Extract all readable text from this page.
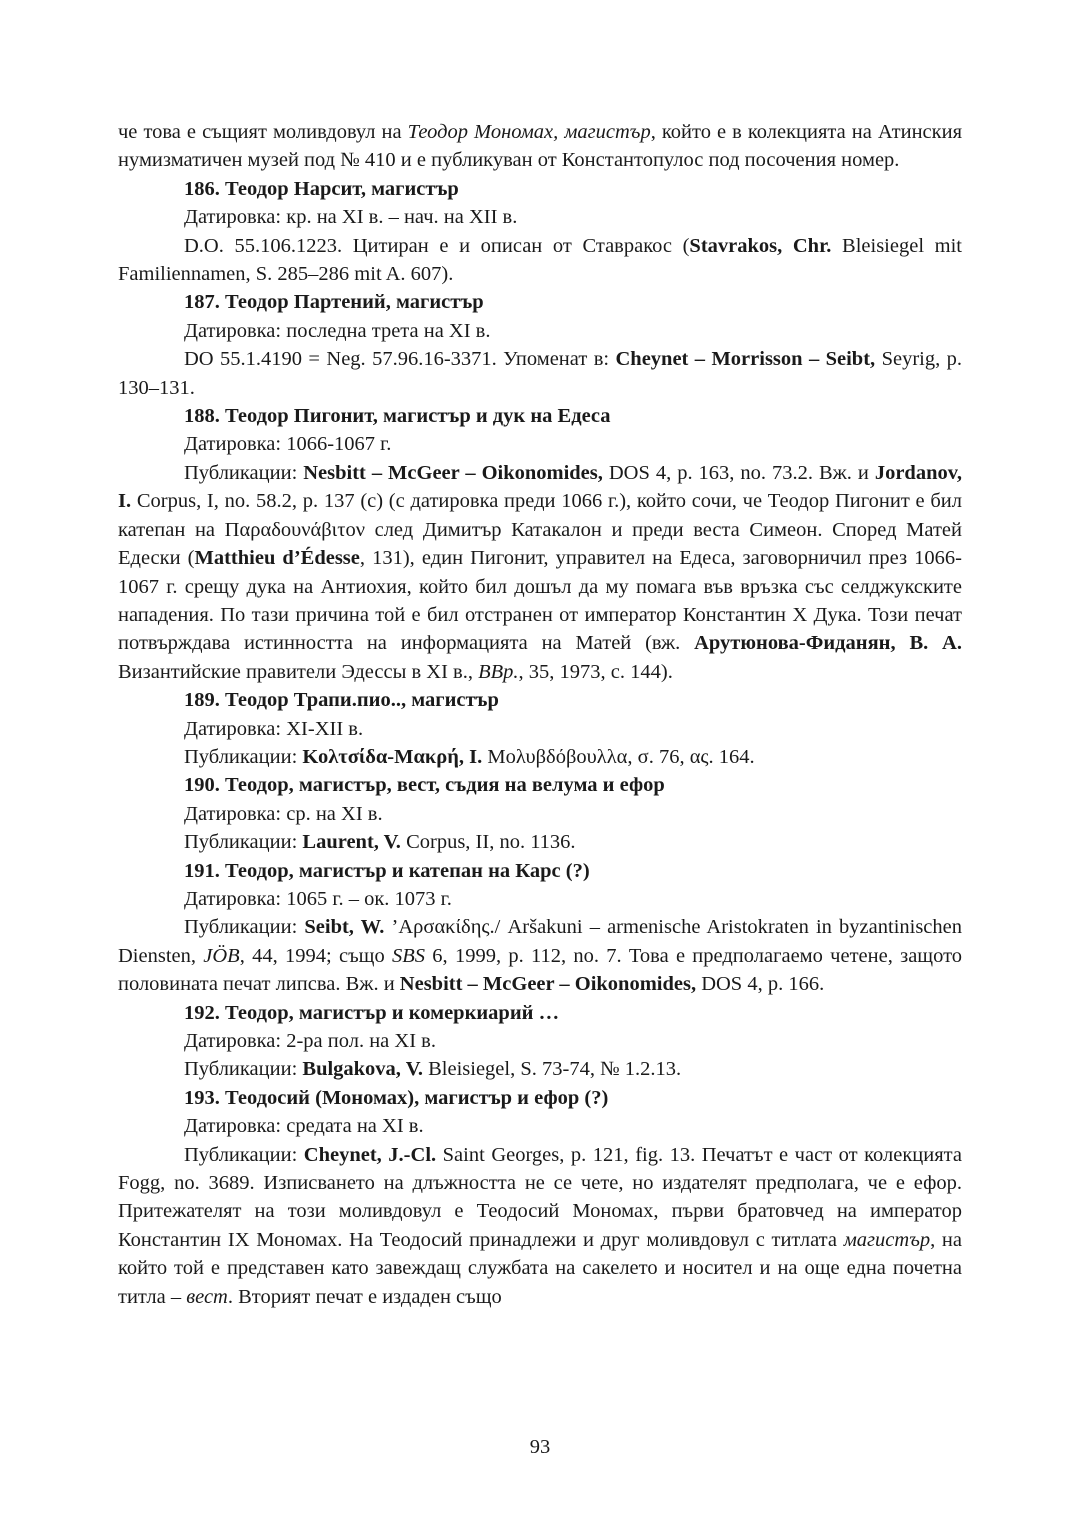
че това е същият моливдовул на Теодор Мономах, магистър, който е в колекцията на Атинския нумизматичен музей под № 410 и е публикуван от Константопулос под посочения номер.

186. Теодор Нарсит, магистър

Датировка: кр. на XI в. – нач. на XII в.

D.O. 55.106.1223. Цитиран е и описан от Ставракос (Stavrakos, Chr. Bleisiegel mit Familiennamen, S. 285–286 mit A. 607).

187. Теодор Партений, магистър

Датировка: последна трета на XI в.

DO 55.1.4190 = Neg. 57.96.16-3371. Упоменат в: Cheynet – Morrisson – Seibt, Seyrig, p. 130–131.

188. Теодор Пигонит, магистър и дук на Едеса

Датировка: 1066-1067 г.

Публикации: Nesbitt – McGeer – Oikonomides, DOS 4, p. 163, no. 73.2. Вж. и Jordanov, I. Corpus, I, no. 58.2, p. 137 (c) (с датировка преди 1066 г.), който сочи, че Теодор Пигонит е бил катепан на Παραδουνάβιτον след Димитър Катакалон и преди веста Симеон. Според Матей Едески (Matthieu d’Édesse, 131), един Пигонит, управител на Едеса, заговорничил през 1066-1067 г. срещу дука на Антиохия, който бил дошъл да му помага във връзка със селджукските нападения. По тази причина той е бил отстранен от император Константин X Дука. Този печат потвърждава истинността на информацията на Матей (вж. Арутюнова-Фиданян, В. А. Византийские правители Эдессы в XI в., ВВр., 35, 1973, с. 144).

189. Теодор Трапи.пио.., магистър

Датировка: XI-XII в.

Публикации: Κολτσίδα-Μακρή, I. Μολυβδόβουλλα, σ. 76, ας. 164.

190. Теодор, магистър, вест, съдия на велума и ефор

Датировка: ср. на XI в.

Публикации: Laurent, V. Corpus, II, no. 1136.

191. Теодор, магистър и катепан на Карс (?)

Датировка: 1065 г. – ок. 1073 г.

Публикации: Seibt, W. ’Αρσακίδης./ Aršakuni – armenische Aristokraten in byzantinischen Diensten, JÖB, 44, 1994; също SBS 6, 1999, p. 112, no. 7. Това е предполагаемо четене, защото половината печат липсва. Вж. и Nesbitt – McGeer – Oikonomides, DOS 4, p. 166.

192. Теодор, магистър и комеркиарий …

Датировка: 2-ра пол. на XI в.

Публикации: Bulgakova, V. Bleisiegel, S. 73-74, № 1.2.13.

193. Теодосий (Мономах), магистър и ефор (?)

Датировка: средата на XI в.

Публикации: Cheynet, J.-Cl. Saint Georges, p. 121, fig. 13. Печатът е част от колекцията Fogg, no. 3689. Изписването на длъжността не се чете, но издателят предполага, че е ефор. Притежателят на този моливдовул е Теодосий Мономах, първи братовчед на император Константин IX Мономах. На Теодосий принадлежи и друг моливдовул с титлата магистър, на който той е представен като завеждащ службата на сакелето и носител и на още една почетна титла – вест. Вторият печат е издаден също

93
